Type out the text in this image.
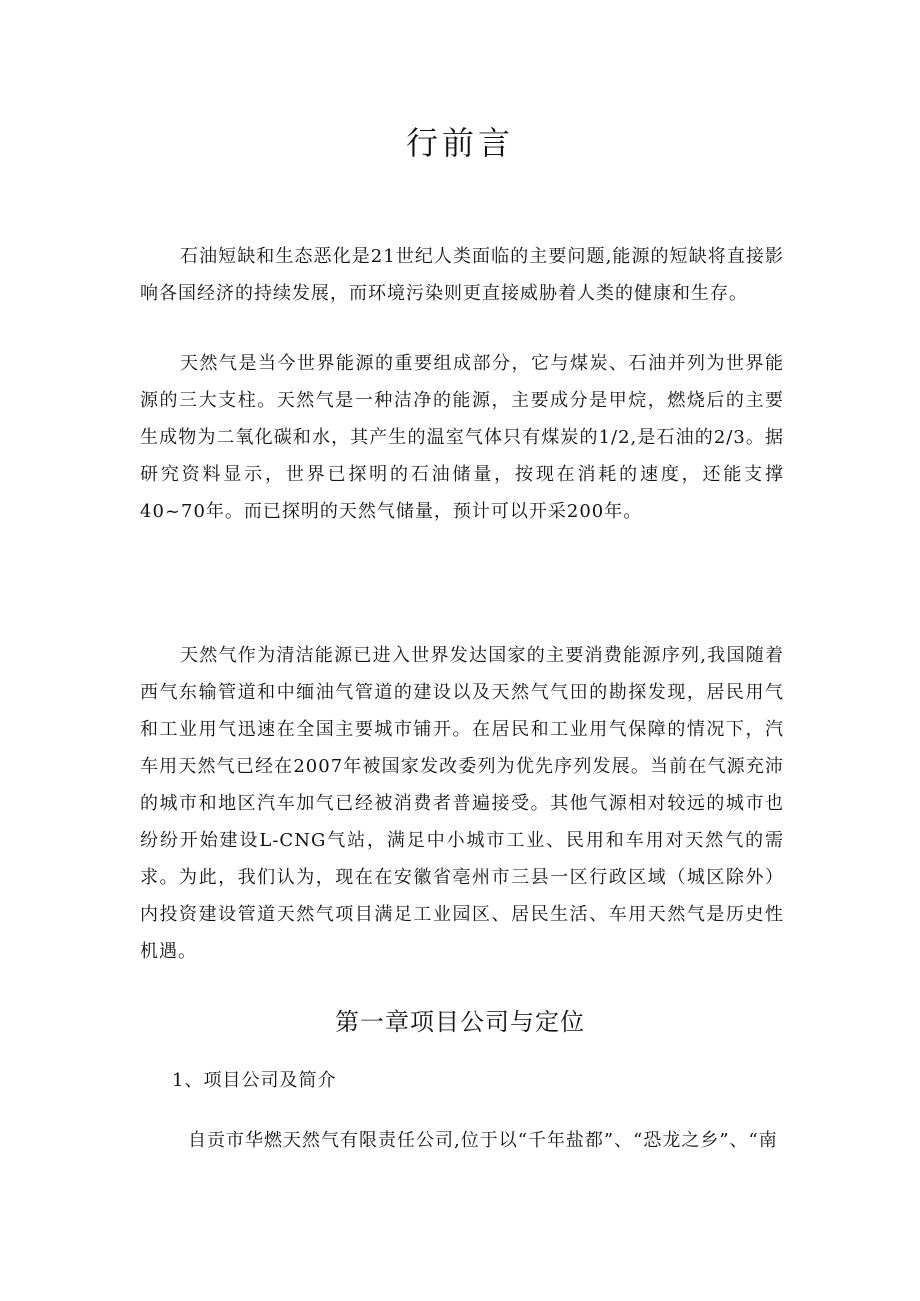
行前言

石油短缺和生态恶化是21世纪人类面临的主要问题,能源的短缺将直接影响各国经济的持续发展，而环境污染则更直接威胁着人类的健康和生存。

天然气是当今世界能源的重要组成部分，它与煤炭、石油并列为世界能源的三大支柱。天然气是一种洁净的能源，主要成分是甲烷，燃烧后的主要生成物为二氧化碳和水，其产生的温室气体只有煤炭的1/2,是石油的2/3。据研究资料显示，世界已探明的石油储量，按现在消耗的速度，还能支撑40~70年。而已探明的天然气储量，预计可以开采200年。

天然气作为清洁能源已进入世界发达国家的主要消费能源序列,我国随着西气东输管道和中缅油气管道的建设以及天然气气田的勘探发现，居民用气和工业用气迅速在全国主要城市铺开。在居民和工业用气保障的情况下，汽车用天然气已经在2007年被国家发改委列为优先序列发展。当前在气源充沛的城市和地区汽车加气已经被消费者普遍接受。其他气源相对较远的城市也纷纷开始建设L-CNG气站，满足中小城市工业、民用和车用对天然气的需求。为此，我们认为，现在在安徽省亳州市三县一区行政区域（城区除外）内投资建设管道天然气项目满足工业园区、居民生活、车用天然气是历史性机遇。

第一章项目公司与定位

1、项目公司及简介

自贡市华燃天然气有限责任公司,位于以“千年盐都”、“恐龙之乡”、“南
